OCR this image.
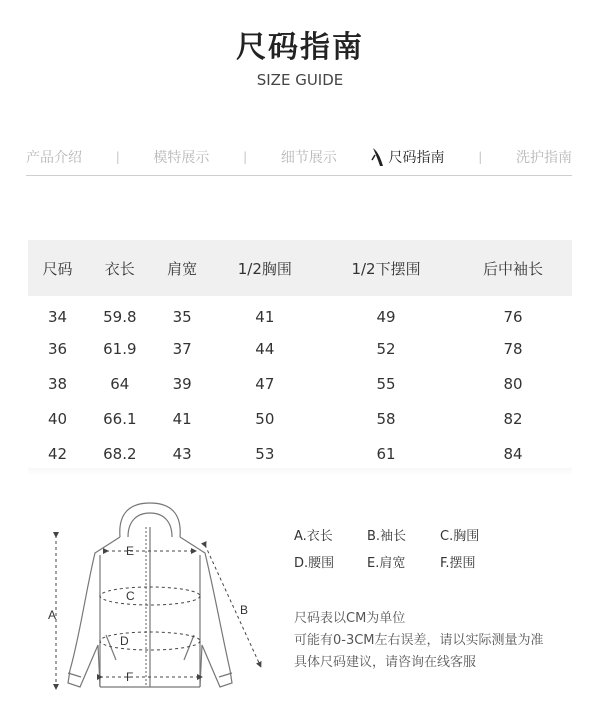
尺码指南
SIZE GUIDE
产品介绍	| 模特展示	| 细节展示	尺码指南	| 洗护指南
尺码	衣长	肩宽	1/2胸围	1/2下摆围	后中袖长
34	59.8	35	41	49	76
36	61.9	37	44	52	78
38	64	39	47	55	80
40	66.1	41	50	58	82
42	68.2	43	53	61	84
A	B
C
D
E
F
A.衣长	B.袖长	C.胸围
D.腰围	E.肩宽	F.摆围
尺码表以CM为单位
可能有0-3CM左右误差，请以实际测量为准
具体尺码建议，请咨询在线客服
